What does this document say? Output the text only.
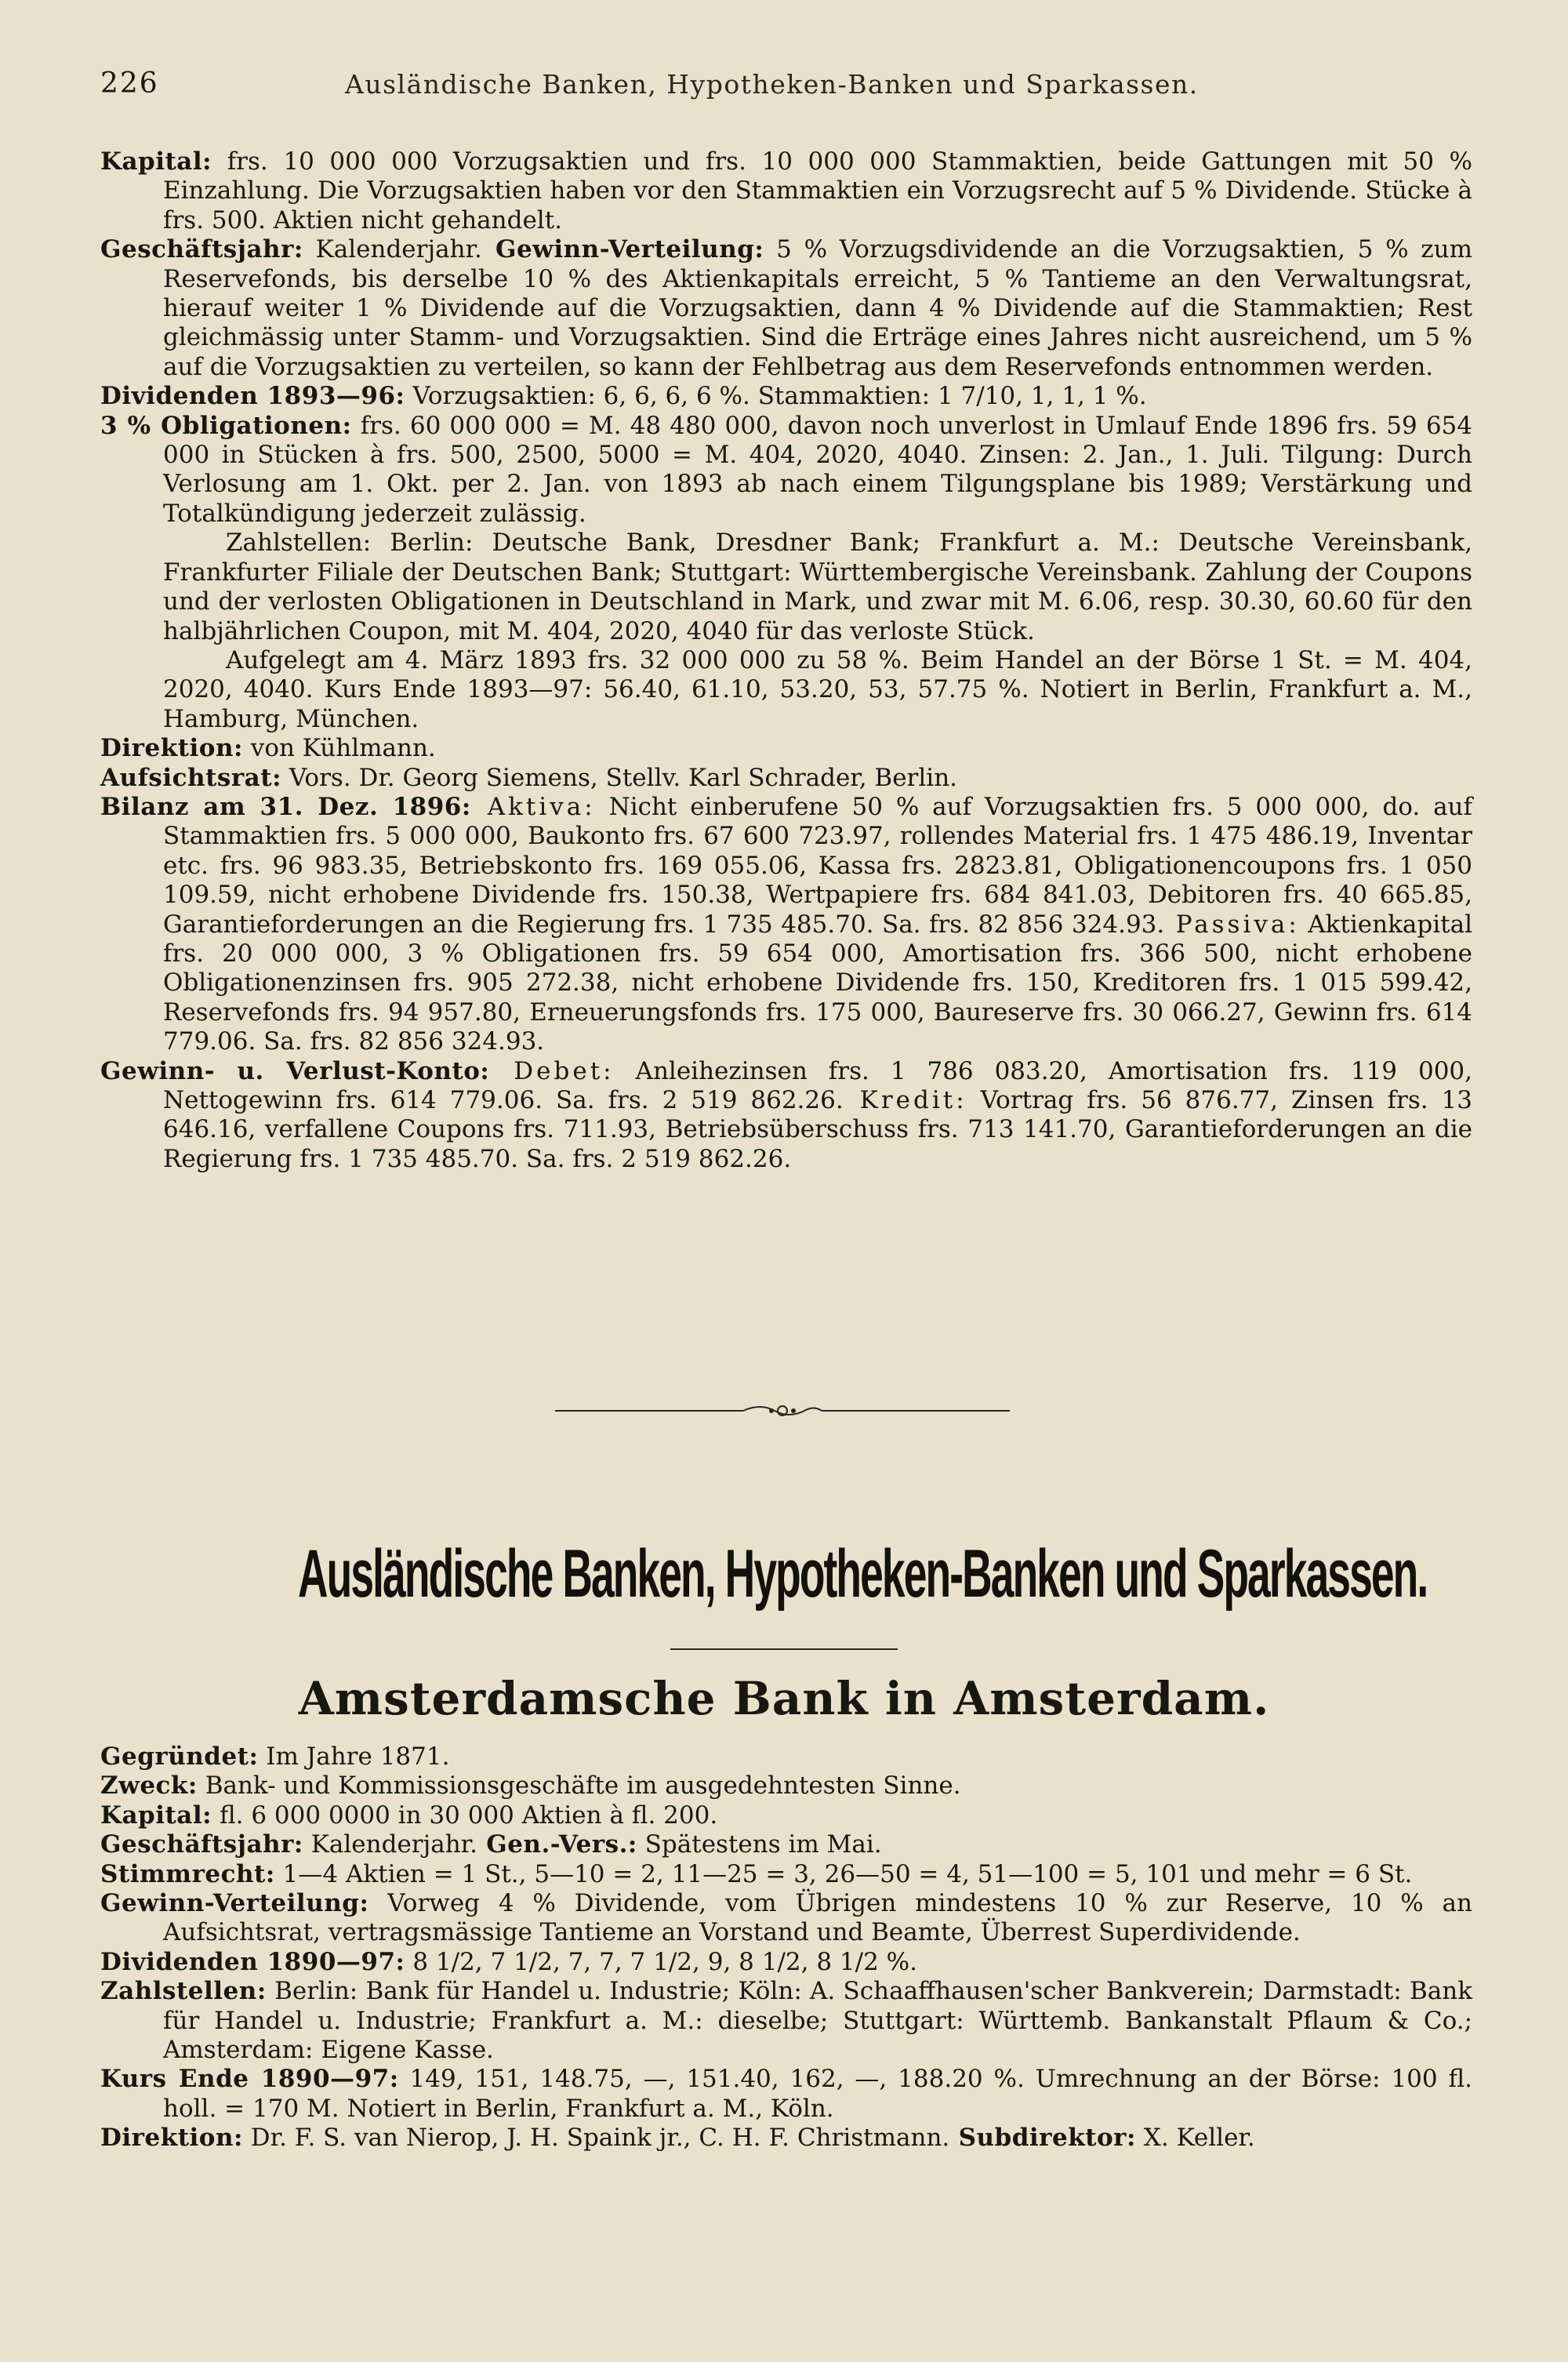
226	Ausländische Banken, Hypotheken-Banken und Sparkassen.

Kapital: frs. 10 000 000 Vorzugsaktien und frs. 10 000 000 Stammaktien, beide Gattungen mit 50 % Einzahlung. Die Vorzugsaktien haben vor den Stammaktien ein Vorzugsrecht auf 5 % Dividende. Stücke à frs. 500. Aktien nicht gehandelt.

Geschäftsjahr: Kalenderjahr. Gewinn-Verteilung: 5 % Vorzugsdividende an die Vorzugsaktien, 5 % zum Reservefonds, bis derselbe 10 % des Aktienkapitals erreicht, 5 % Tantieme an den Verwaltungsrat, hierauf weiter 1 % Dividende auf die Vorzugsaktien, dann 4 % Dividende auf die Stammaktien; Rest gleichmässig unter Stamm- und Vorzugsaktien. Sind die Erträge eines Jahres nicht ausreichend, um 5 % auf die Vorzugsaktien zu verteilen, so kann der Fehlbetrag aus dem Reservefonds entnommen werden.

Dividenden 1893—96: Vorzugsaktien: 6, 6, 6, 6 %. Stammaktien: 1 7/10, 1, 1, 1 %.

3 % Obligationen: frs. 60 000 000 = M. 48 480 000, davon noch unverlost in Umlauf Ende 1896 frs. 59 654 000 in Stücken à frs. 500, 2500, 5000 = M. 404, 2020, 4040. Zinsen: 2. Jan., 1. Juli. Tilgung: Durch Verlosung am 1. Okt. per 2. Jan. von 1893 ab nach einem Tilgungsplane bis 1989; Verstärkung und Totalkündigung jederzeit zulässig.

Zahlstellen: Berlin: Deutsche Bank, Dresdner Bank; Frankfurt a. M.: Deutsche Vereinsbank, Frankfurter Filiale der Deutschen Bank; Stuttgart: Württembergische Vereinsbank. Zahlung der Coupons und der verlosten Obligationen in Deutschland in Mark, und zwar mit M. 6.06, resp. 30.30, 60.60 für den halbjährlichen Coupon, mit M. 404, 2020, 4040 für das verloste Stück.

Aufgelegt am 4. März 1893 frs. 32 000 000 zu 58 %. Beim Handel an der Börse 1 St. = M. 404, 2020, 4040. Kurs Ende 1893—97: 56.40, 61.10, 53.20, 53, 57.75 %. Notiert in Berlin, Frankfurt a. M., Hamburg, München.

Direktion: von Kühlmann.

Aufsichtsrat: Vors. Dr. Georg Siemens, Stellv. Karl Schrader, Berlin.

Bilanz am 31. Dez. 1896: Aktiva: Nicht einberufene 50 % auf Vorzugsaktien frs. 5 000 000, do. auf Stammaktien frs. 5 000 000, Baukonto frs. 67 600 723.97, rollendes Material frs. 1 475 486.19, Inventar etc. frs. 96 983.35, Betriebskonto frs. 169 055.06, Kassa frs. 2823.81, Obligationencoupons frs. 1 050 109.59, nicht erhobene Dividende frs. 150.38, Wertpapiere frs. 684 841.03, Debitoren frs. 40 665.85, Garantieforderungen an die Regierung frs. 1 735 485.70. Sa. frs. 82 856 324.93. Passiva: Aktienkapital frs. 20 000 000, 3 % Obligationen frs. 59 654 000, Amortisation frs. 366 500, nicht erhobene Obligationenzinsen frs. 905 272.38, nicht erhobene Dividende frs. 150, Kreditoren frs. 1 015 599.42, Reservefonds frs. 94 957.80, Erneuerungsfonds frs. 175 000, Baureserve frs. 30 066.27, Gewinn frs. 614 779.06. Sa. frs. 82 856 324.93.

Gewinn- u. Verlust-Konto: Debet: Anleihezinsen frs. 1 786 083.20, Amortisation frs. 119 000, Nettogewinn frs. 614 779.06. Sa. frs. 2 519 862.26. Kredit: Vortrag frs. 56 876.77, Zinsen frs. 13 646.16, verfallene Coupons frs. 711.93, Betriebsüberschuss frs. 713 141.70, Garantieforderungen an die Regierung frs. 1 735 485.70. Sa. frs. 2 519 862.26.

Ausländische Banken, Hypotheken-Banken und Sparkassen.
Amsterdamsche Bank in Amsterdam.

Gegründet: Im Jahre 1871.

Zweck: Bank- und Kommissionsgeschäfte im ausgedehntesten Sinne.

Kapital: fl. 6 000 0000 in 30 000 Aktien à fl. 200.

Geschäftsjahr: Kalenderjahr. Gen.-Vers.: Spätestens im Mai.

Stimmrecht: 1—4 Aktien = 1 St., 5—10 = 2, 11—25 = 3, 26—50 = 4, 51—100 = 5, 101 und mehr = 6 St.

Gewinn-Verteilung: Vorweg 4 % Dividende, vom Übrigen mindestens 10 % zur Reserve, 10 % an Aufsichtsrat, vertragsmässige Tantieme an Vorstand und Beamte, Überrest Superdividende.

Dividenden 1890—97: 8 1/2, 7 1/2, 7, 7, 7 1/2, 9, 8 1/2, 8 1/2 %.

Zahlstellen: Berlin: Bank für Handel u. Industrie; Köln: A. Schaaffhausen'scher Bankverein; Darmstadt: Bank für Handel u. Industrie; Frankfurt a. M.: dieselbe; Stuttgart: Württemb. Bankanstalt Pflaum & Co.; Amsterdam: Eigene Kasse.

Kurs Ende 1890—97: 149, 151, 148.75, —, 151.40, 162, —, 188.20 %. Umrechnung an der Börse: 100 fl. holl. = 170 M. Notiert in Berlin, Frankfurt a. M., Köln.

Direktion: Dr. F. S. van Nierop, J. H. Spaink jr., C. H. F. Christmann. Subdirektor: X. Keller.
